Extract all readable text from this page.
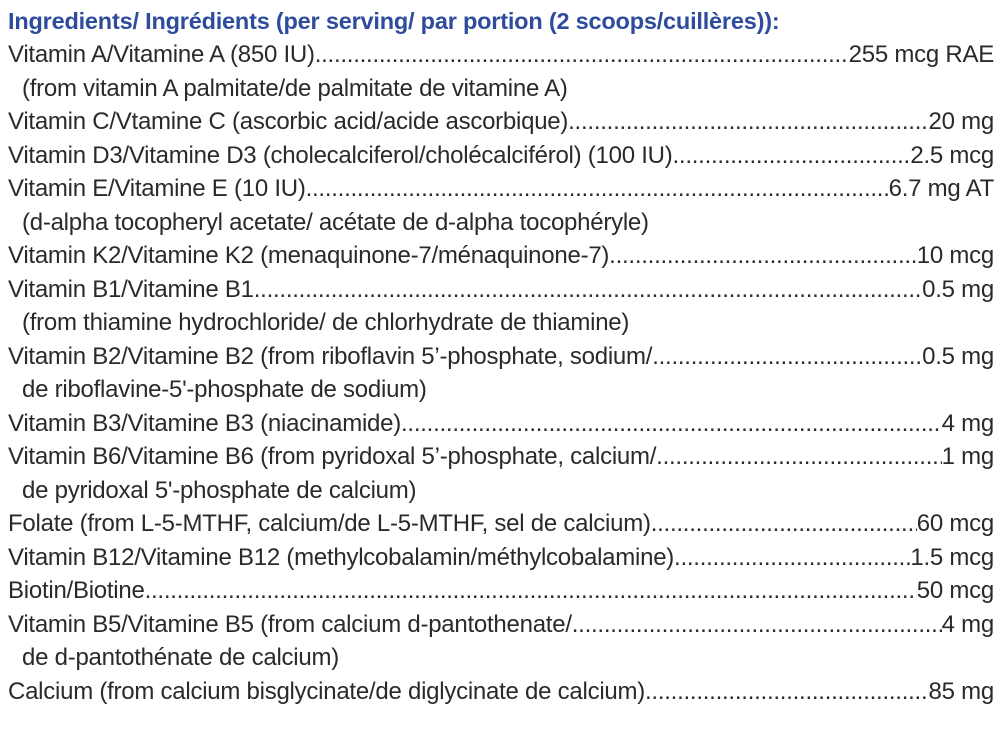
Ingredients/ Ingrédients (per serving/ par portion (2 scoops/cuillères)):
Vitamin A/Vitamine A (850 IU) .....	255 mcg RAE
(from vitamin A palmitate/de palmitate de vitamine A)
Vitamin C/Vtamine C (ascorbic acid/acide ascorbique) .....	20 mg
Vitamin D3/Vitamine D3 (cholecalciferol/cholécalciférol) (100 IU) .....	2.5 mcg
Vitamin E/Vitamine E (10 IU) .....	6.7 mg AT
(d-alpha tocopheryl acetate/ acétate de d-alpha tocophéryle)
Vitamin K2/Vitamine K2 (menaquinone-7/ménaquinone-7) .....	10 mcg
Vitamin B1/Vitamine B1 .....	0.5 mg
(from thiamine hydrochloride/ de chlorhydrate de thiamine)
Vitamin B2/Vitamine B2 (from riboflavin 5’-phosphate, sodium/ .....	0.5 mg
de riboflavine-5'-phosphate de sodium)
Vitamin B3/Vitamine B3 (niacinamide) .....	4 mg
Vitamin B6/Vitamine B6 (from pyridoxal 5’-phosphate, calcium/ .....	1 mg
de pyridoxal 5'-phosphate de calcium)
Folate (from L-5-MTHF, calcium/de L-5-MTHF, sel de calcium) .....	60 mcg
Vitamin B12/Vitamine B12 (methylcobalamin/méthylcobalamine) .....	1.5 mcg
Biotin/Biotine .....	50 mcg
Vitamin B5/Vitamine B5 (from calcium d-pantothenate/ .....	4 mg
de d-pantothénate de calcium)
Calcium (from calcium bisglycinate/de diglycinate de calcium) .....	85 mg
